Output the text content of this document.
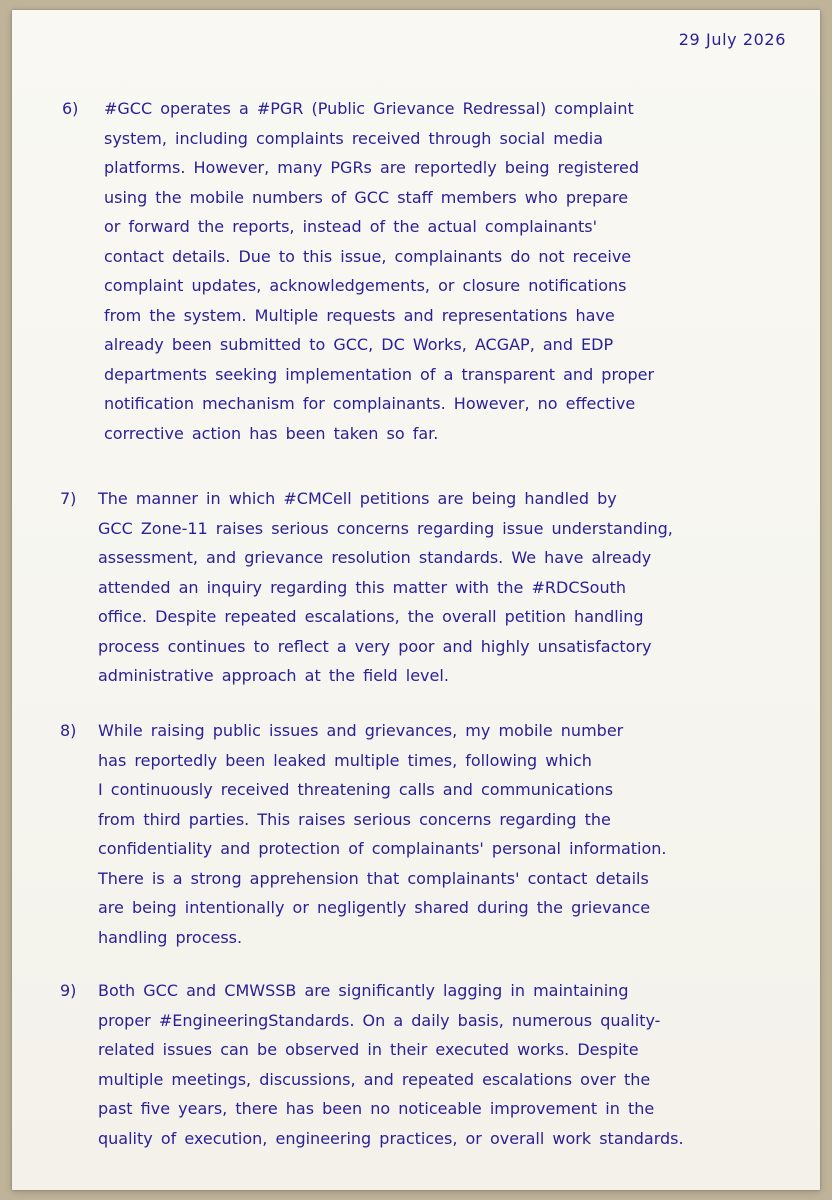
29 July 2026
6) #GCC operates a #PGR (Public Grievance Redressal) complaint
system, including complaints received through social media
platforms. However, many PGRs are reportedly being registered
using the mobile numbers of GCC staff members who prepare
or forward the reports, instead of the actual complainants'
contact details. Due to this issue, complainants do not receive
complaint updates, acknowledgements, or closure notifications
from the system. Multiple requests and representations have
already been submitted to GCC, DC Works, ACGAP, and EDP
departments seeking implementation of a transparent and proper
notification mechanism for complainants. However, no effective
corrective action has been taken so far.
7) The manner in which #CMCell petitions are being handled by
GCC Zone-11 raises serious concerns regarding issue understanding,
assessment, and grievance resolution standards. We have already
attended an inquiry regarding this matter with the #RDCSouth
office. Despite repeated escalations, the overall petition handling
process continues to reflect a very poor and highly unsatisfactory
administrative approach at the field level.
8) While raising public issues and grievances, my mobile number
has reportedly been leaked multiple times, following which
I continuously received threatening calls and communications
from third parties. This raises serious concerns regarding the
confidentiality and protection of complainants' personal information.
There is a strong apprehension that complainants' contact details
are being intentionally or negligently shared during the grievance
handling process.
9) Both GCC and CMWSSB are significantly lagging in maintaining
proper #EngineeringStandards. On a daily basis, numerous quality-
related issues can be observed in their executed works. Despite
multiple meetings, discussions, and repeated escalations over the
past five years, there has been no noticeable improvement in the
quality of execution, engineering practices, or overall work standards.
